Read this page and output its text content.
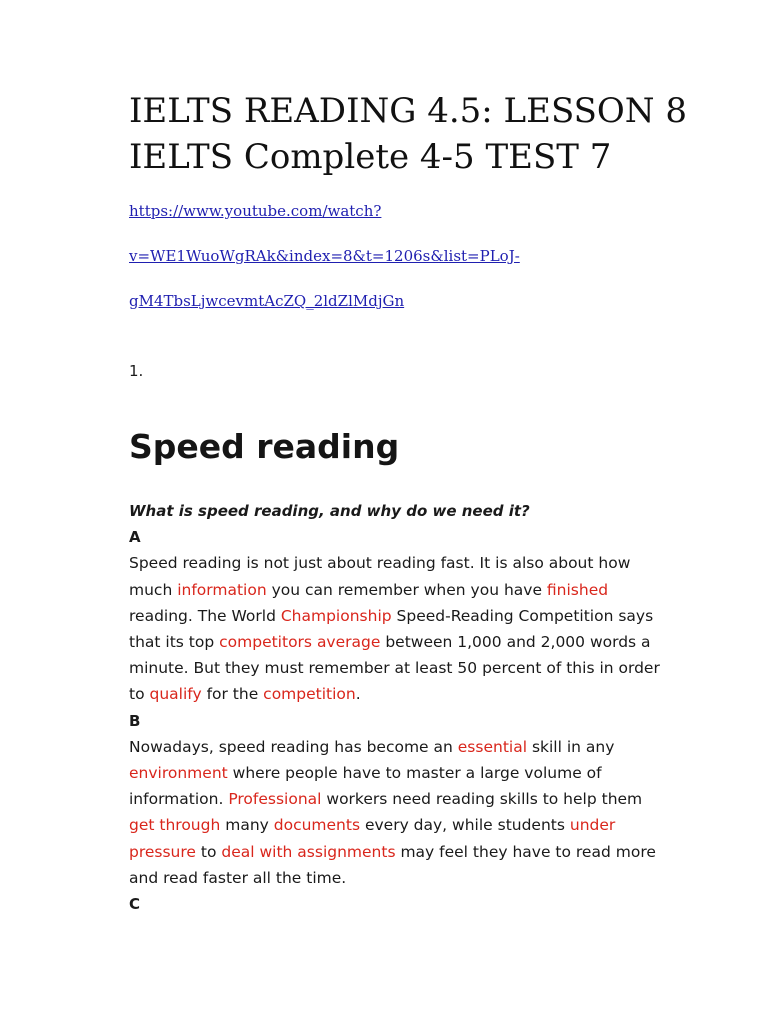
IELTS READING 4.5: LESSON 8
IELTS Complete 4-5 TEST 7
https://www.youtube.com/watch?
v=WE1WuoWgRAk&index=8&t=1206s&list=PLoJ-
gM4TbsLjwcevmtAcZQ_2ldZlMdjGn

1.

Speed reading

What is speed reading, and why do we need it?

A

Speed reading is not just about reading fast. It is also about how
much information you can remember when you have finished
reading. The World Championship Speed-Reading Competition says
that its top competitors average between 1,000 and 2,000 words a
minute. But they must remember at least 50 percent of this in order
to qualify for the competition.

B

Nowadays, speed reading has become an essential skill in any
environment where people have to master a large volume of
information. Professional workers need reading skills to help them
get through many documents every day, while students under
pressure to deal with assignments may feel they have to read more
and read faster all the time.

C
